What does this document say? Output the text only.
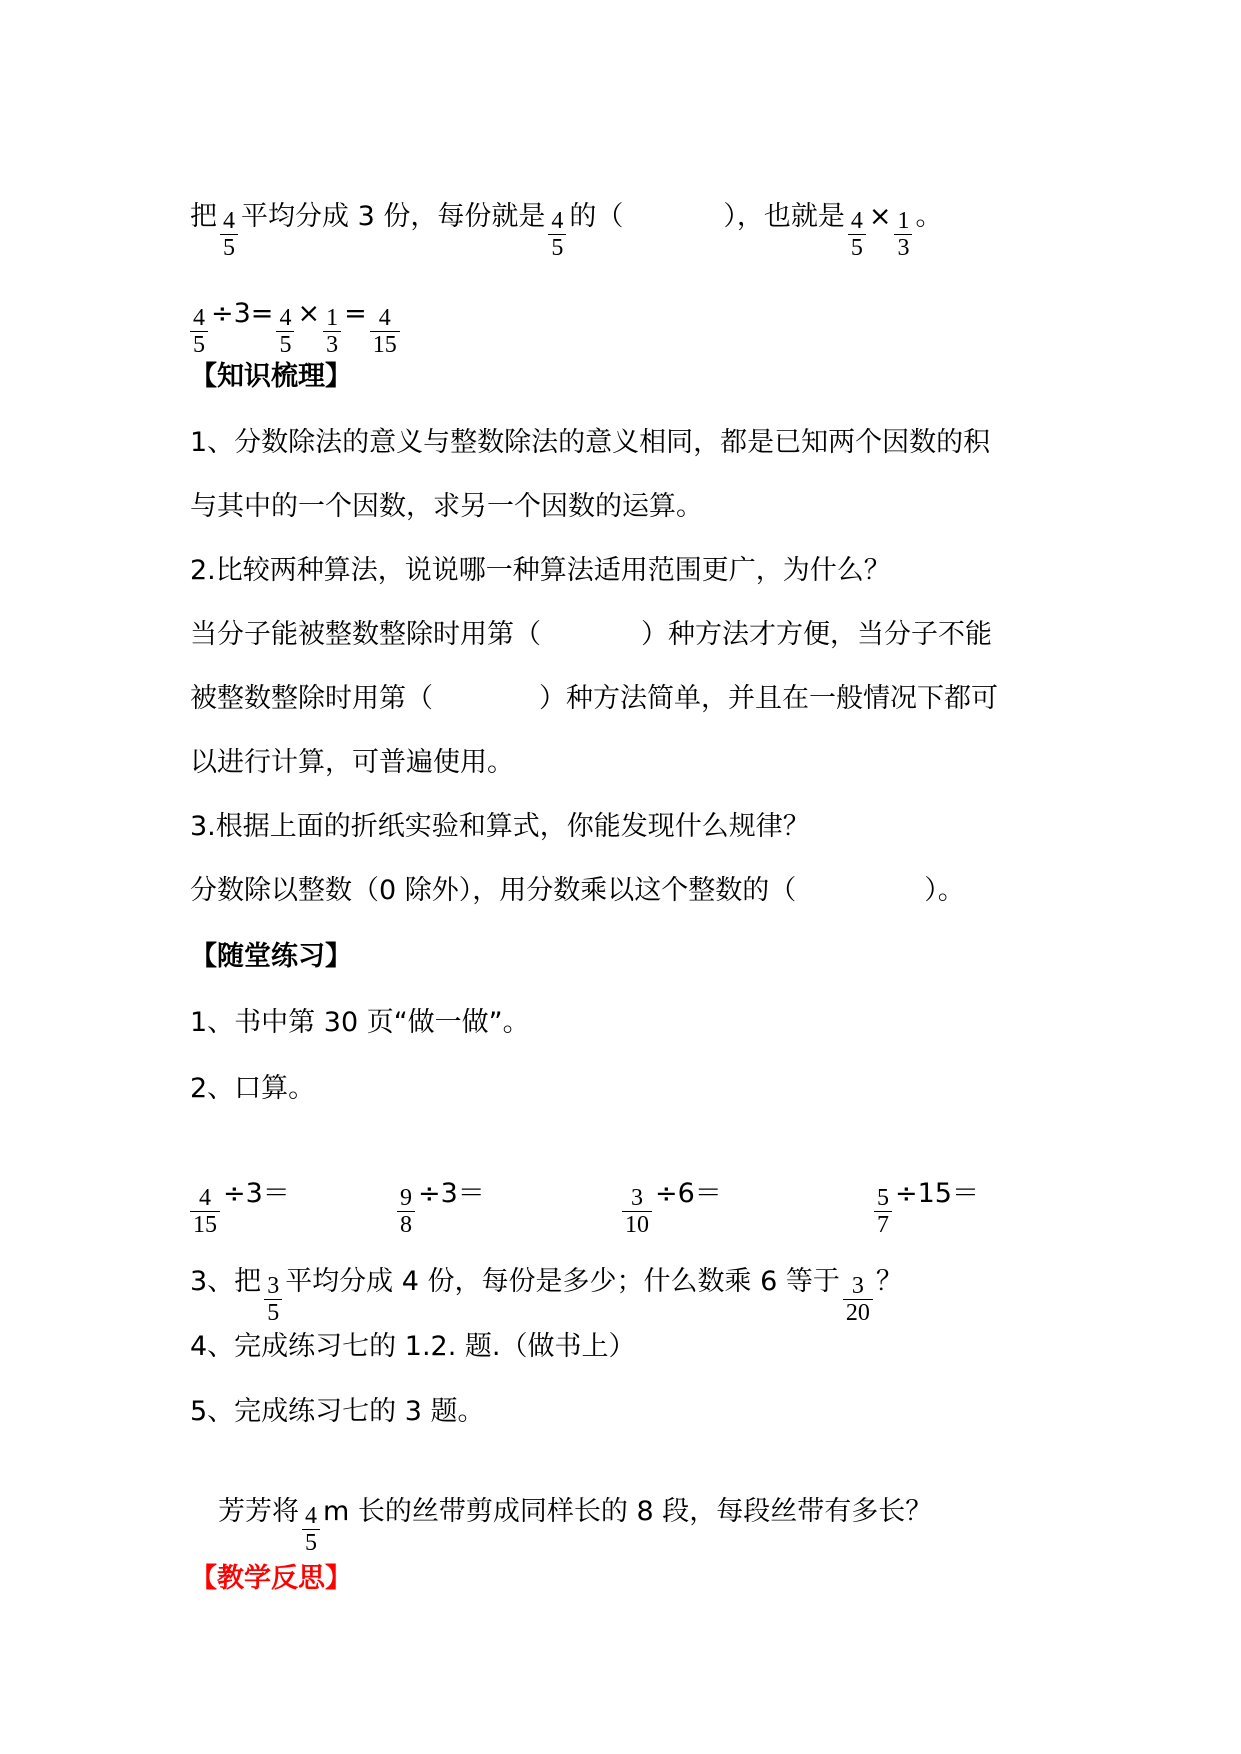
把 $\frac{4}{5}$ 平均分成 3 份，每份就是 $\frac{4}{5}$ 的（	），也就是 $\frac{4}{5} \times \frac{1}{3}$ 。
$\frac{4}{5} \div 3= \frac{4}{5} \times \frac{1}{3} = \frac{4}{15}$
【知识梳理】
1、分数除法的意义与整数除法的意义相同，都是已知两个因数的积
与其中的一个因数，求另一个因数的运算。
2.比较两种算法，说说哪一种算法适用范围更广，为什么？
当分子能被整数整除时用第（	）种方法才方便，当分子不能
被整数整除时用第（	）种方法简单，并且在一般情况下都可
以进行计算，可普遍使用。
3.根据上面的折纸实验和算式，你能发现什么规律？
分数除以整数（0 除外），用分数乘以这个整数的（	）。
【随堂练习】
1、书中第 30 页“做一做”。
2、口算。
$\frac{4}{15} \div 3=$	$\frac{9}{8} \div 3=$	$\frac{3}{10} \div 6=$	$\frac{5}{7} \div 15=$
3、把 $\frac{3}{5}$ 平均分成 4 份，每份是多少；什么数乘 6 等于 $\frac{3}{20}$ ？
4、完成练习七的 1.2. 题.（做书上）
5、完成练习七的 3 题。
芳芳将 $\frac{4}{5}$ m 长的丝带剪成同样长的 8 段，每段丝带有多长？
【教学反思】
